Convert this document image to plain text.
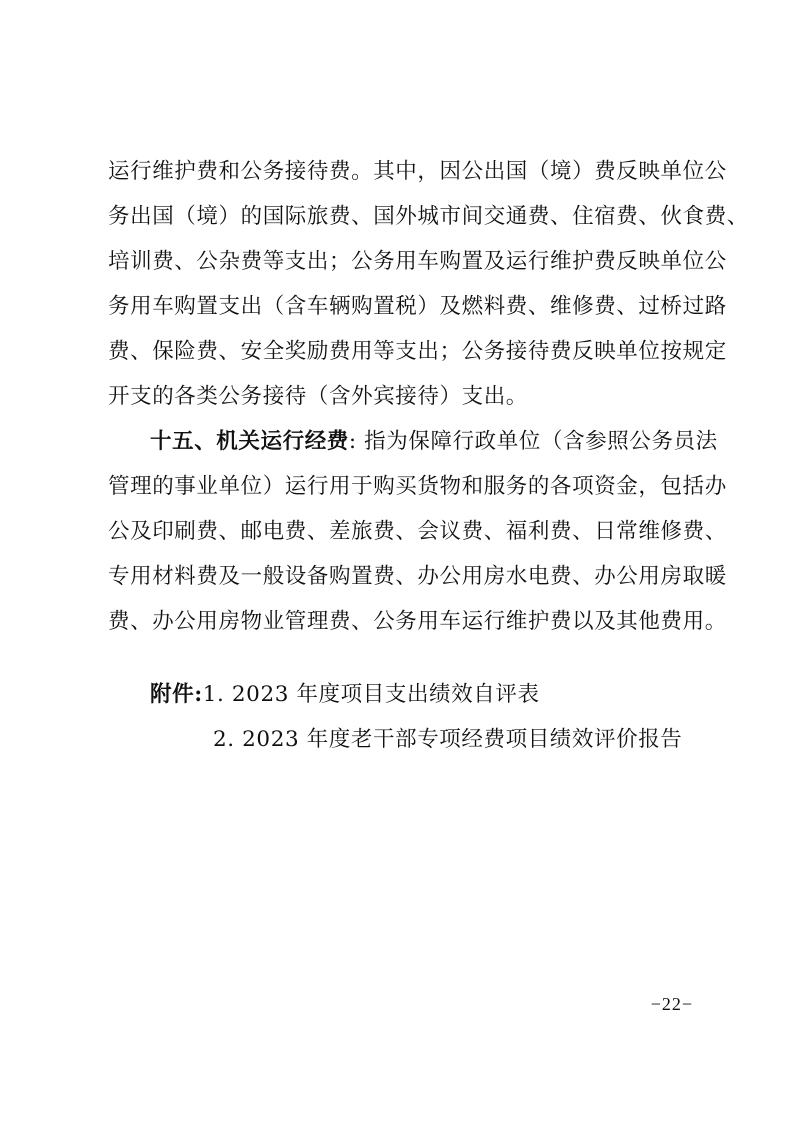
运行维护费和公务接待费。其中，因公出国（境）费反映单位公
务出国（境）的国际旅费、国外城市间交通费、住宿费、伙食费、
培训费、公杂费等支出；公务用车购置及运行维护费反映单位公
务用车购置支出（含车辆购置税）及燃料费、维修费、过桥过路
费、保险费、安全奖励费用等支出；公务接待费反映单位按规定
开支的各类公务接待（含外宾接待）支出。
十五、机关运行经费: 指为保障行政单位（含参照公务员法
管理的事业单位）运行用于购买货物和服务的各项资金，包括办
公及印刷费、邮电费、差旅费、会议费、福利费、日常维修费、
专用材料费及一般设备购置费、办公用房水电费、办公用房取暖
费、办公用房物业管理费、公务用车运行维护费以及其他费用。
附件:1. 2023 年度项目支出绩效自评表
2. 2023 年度老干部专项经费项目绩效评价报告
−22−
